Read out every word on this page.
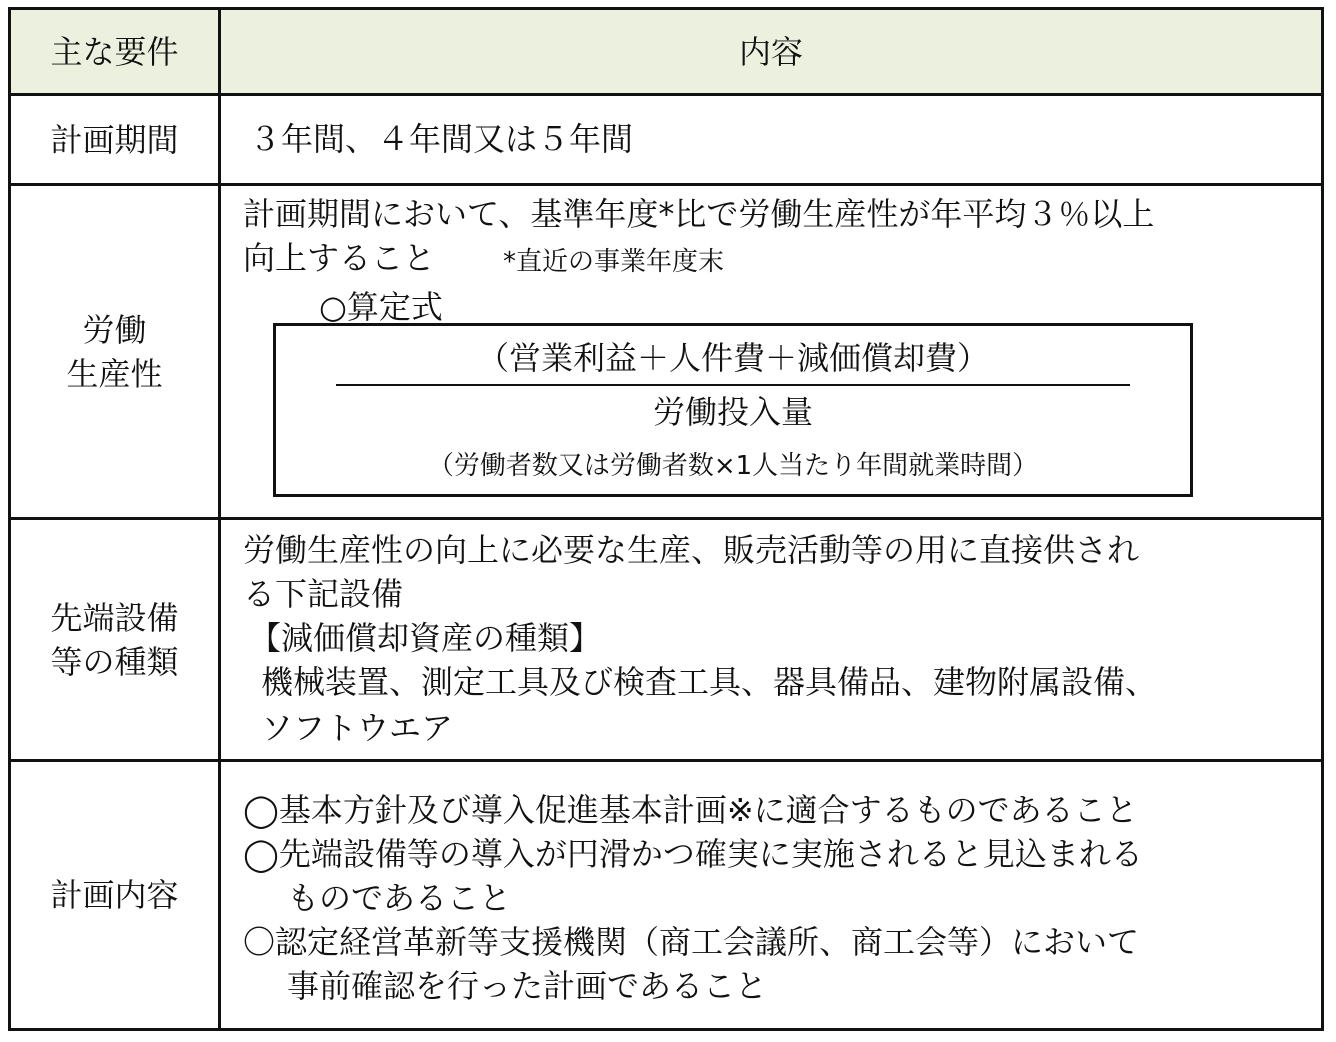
主な要件	内容
計画期間 ３年間、４年間又は５年間
労働
生産性
計画期間において、基準年度*比で労働生産性が年平均３％以上
向上すること	*直近の事業年度末
○算定式
（営業利益＋人件費＋減価償却費）
労働投入量
（労働者数又は労働者数×1人当たり年間就業時間）
先端設備
等の種類
労働生産性の向上に必要な生産、販売活動等の用に直接供され
る下記設備
【減価償却資産の種類】
機械装置、測定工具及び検査工具、器具備品、建物附属設備、
ソフトウエア
計画内容
◯基本方針及び導入促進基本計画※に適合するものであること
◯先端設備等の導入が円滑かつ確実に実施されると見込まれる
ものであること
〇認定経営革新等支援機関（商工会議所、商工会等）において
事前確認を行った計画であること
